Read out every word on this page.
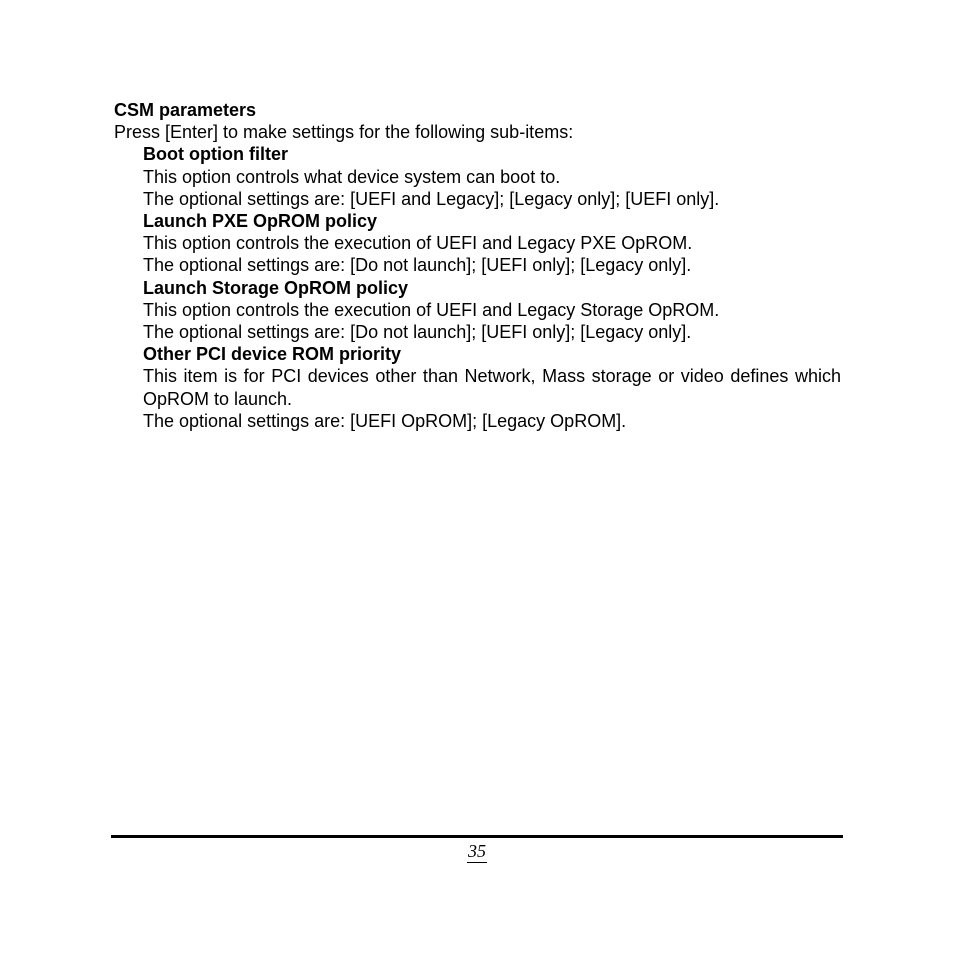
CSM parameters
Press [Enter] to make settings for the following sub-items:
Boot option filter
This option controls what device system can boot to.
The optional settings are: [UEFI and Legacy]; [Legacy only]; [UEFI only].
Launch PXE OpROM policy
This option controls the execution of UEFI and Legacy PXE OpROM.
The optional settings are: [Do not launch]; [UEFI only]; [Legacy only].
Launch Storage OpROM policy
This option controls the execution of UEFI and Legacy Storage OpROM.
The optional settings are: [Do not launch]; [UEFI only]; [Legacy only].
Other PCI device ROM priority
This item is for PCI devices other than Network, Mass storage or video defines which OpROM to launch.
The optional settings are: [UEFI OpROM]; [Legacy OpROM].
35
